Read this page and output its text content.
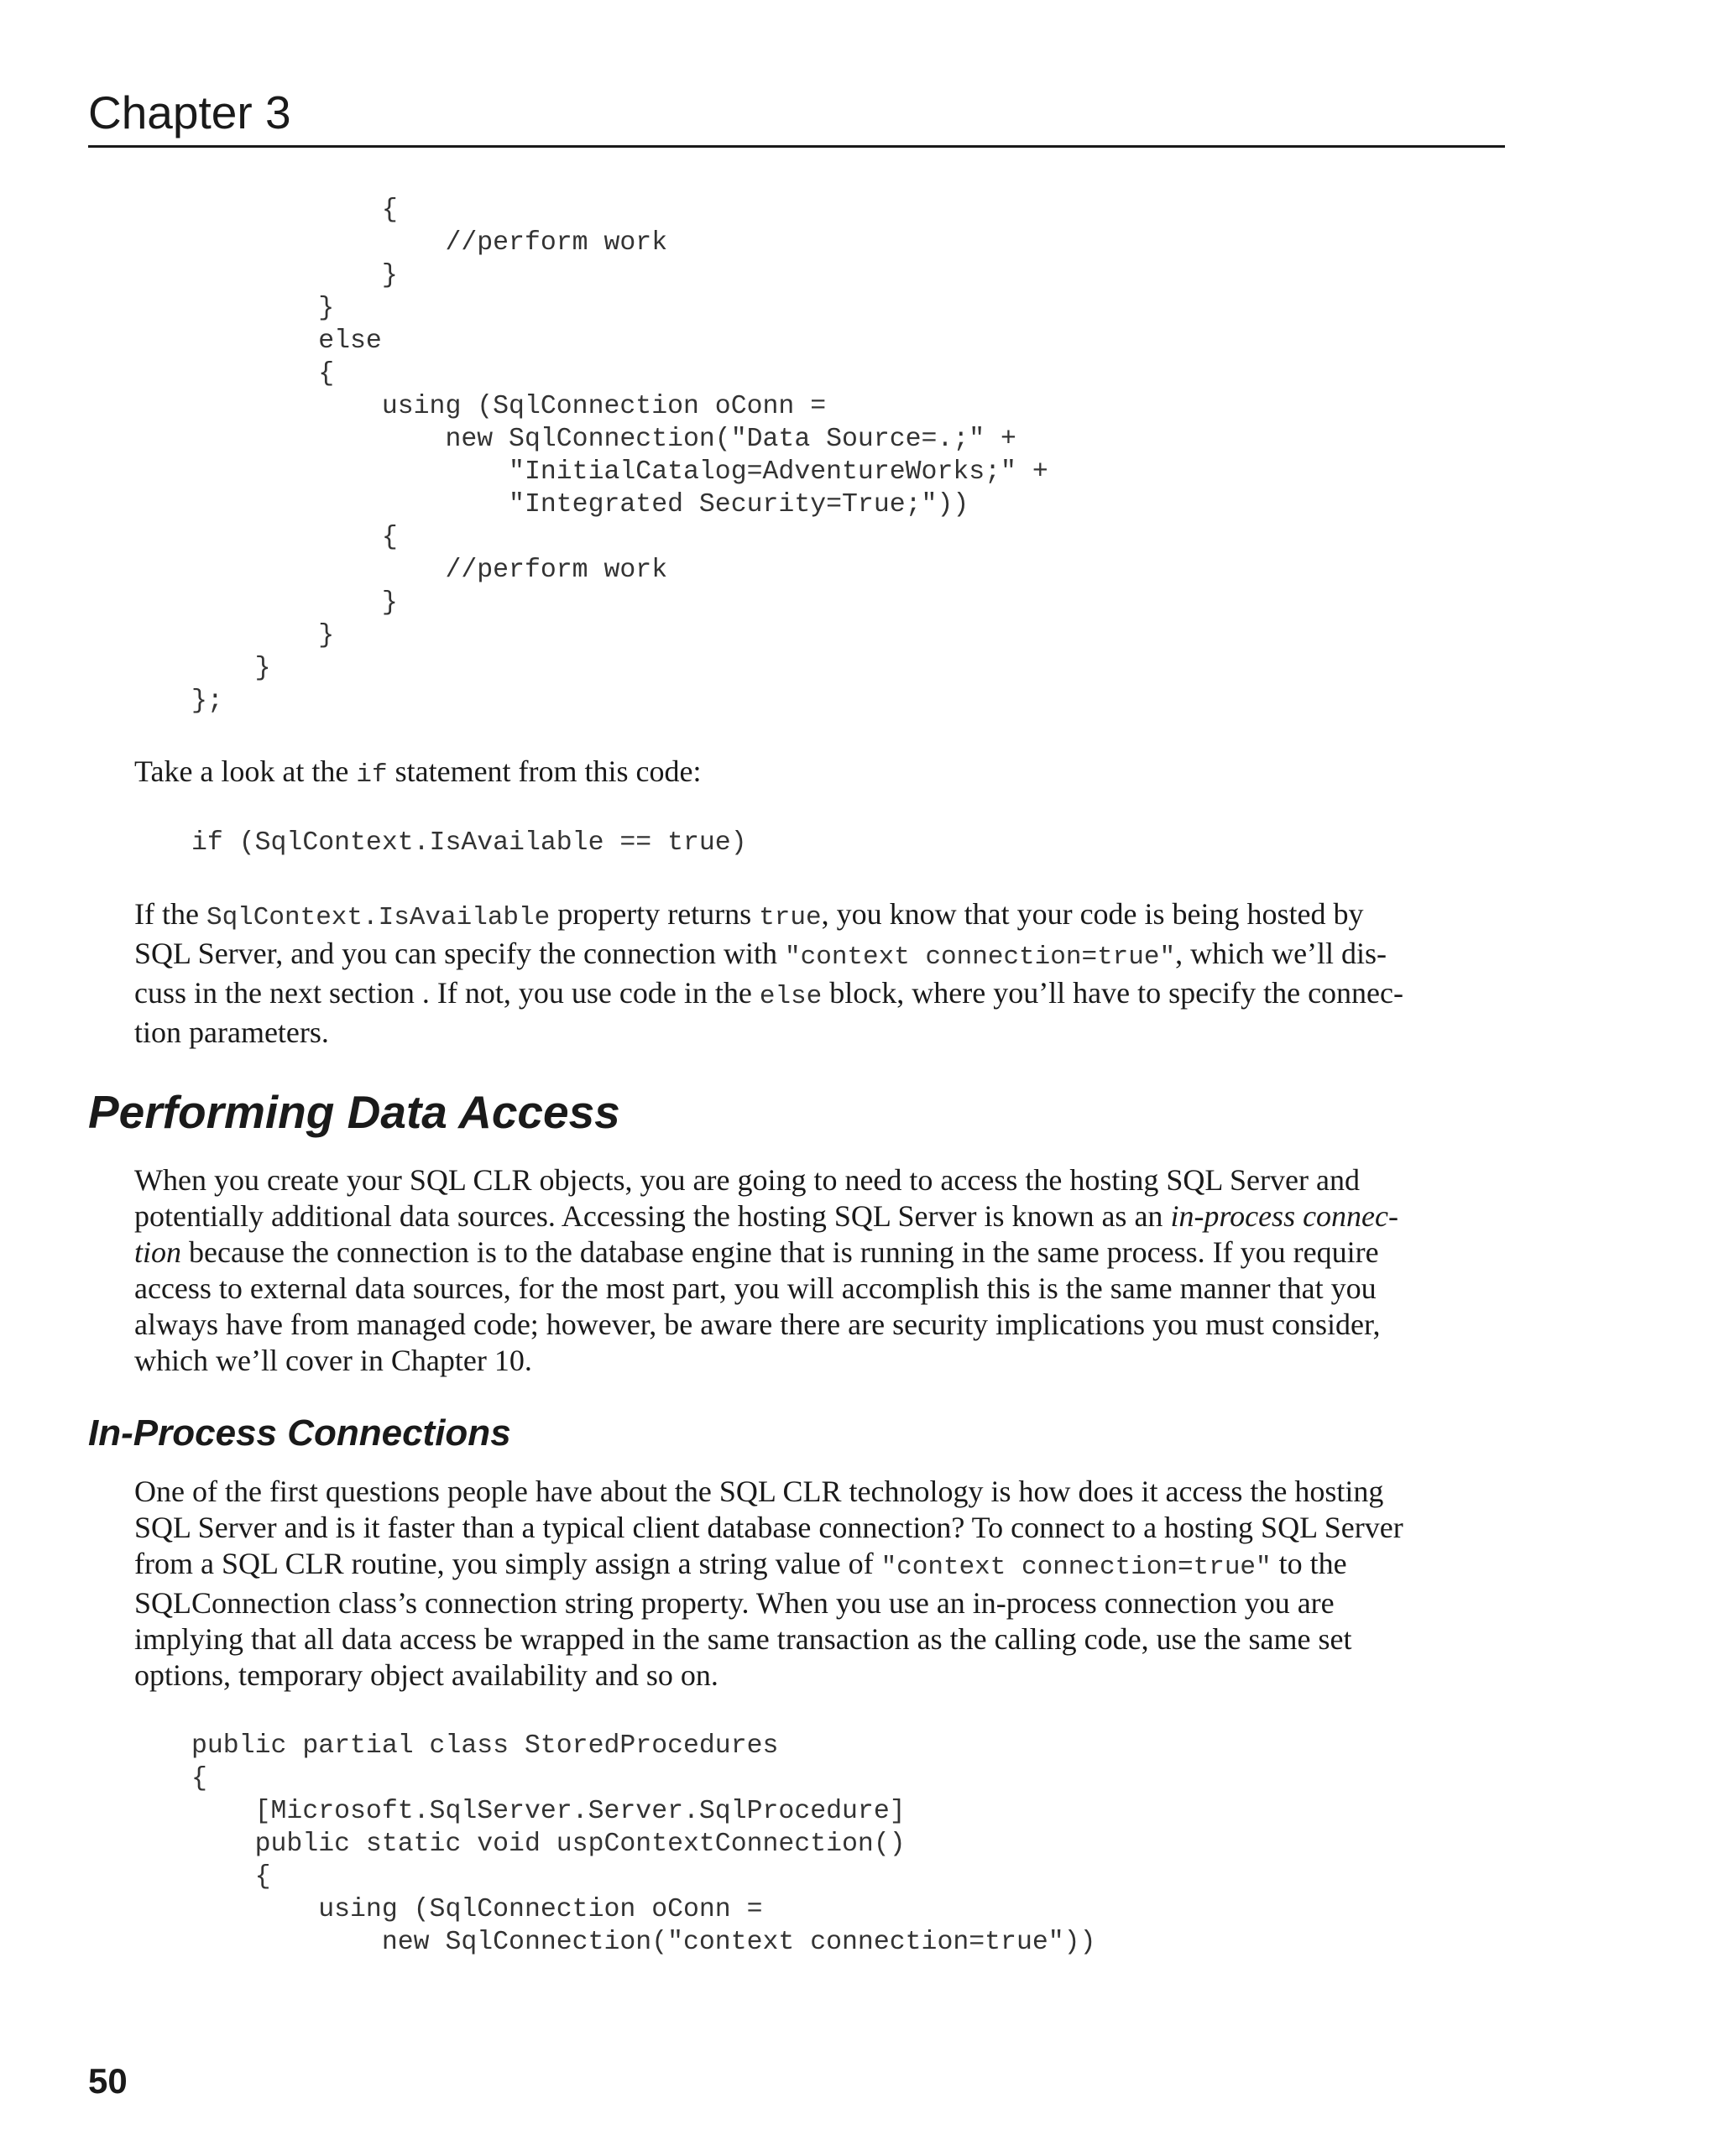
Chapter 3
{
//perform work
}
}
else
{
using (SqlConnection oConn =
new SqlConnection("Data Source=.;" +
"InitialCatalog=AdventureWorks;" +
"Integrated Security=True;"))
{
//perform work
}
}
}
};

Take a look at the if statement from this code:

if (SqlContext.IsAvailable == true)

If the SqlContext.IsAvailable property returns true, you know that your code is being hosted by
SQL Server, and you can specify the connection with "context connection=true", which we’ll dis-
cuss in the next section . If not, you use code in the else block, where you’ll have to specify the connec-
tion parameters.

Performing Data Access

When you create your SQL CLR objects, you are going to need to access the hosting SQL Server and
potentially additional data sources. Accessing the hosting SQL Server is known as an in-process connec-
tion because the connection is to the database engine that is running in the same process. If you require
access to external data sources, for the most part, you will accomplish this is the same manner that you
always have from managed code; however, be aware there are security implications you must consider,
which we’ll cover in Chapter 10.

In-Process Connections

One of the first questions people have about the SQL CLR technology is how does it access the hosting
SQL Server and is it faster than a typical client database connection? To connect to a hosting SQL Server
from a SQL CLR routine, you simply assign a string value of "context connection=true" to the
SQLConnection class’s connection string property. When you use an in-process connection you are
implying that all data access be wrapped in the same transaction as the calling code, use the same set
options, temporary object availability and so on.

public partial class StoredProcedures
{
[Microsoft.SqlServer.Server.SqlProcedure]
public static void uspContextConnection()
{
using (SqlConnection oConn =
new SqlConnection("context connection=true"))
50
